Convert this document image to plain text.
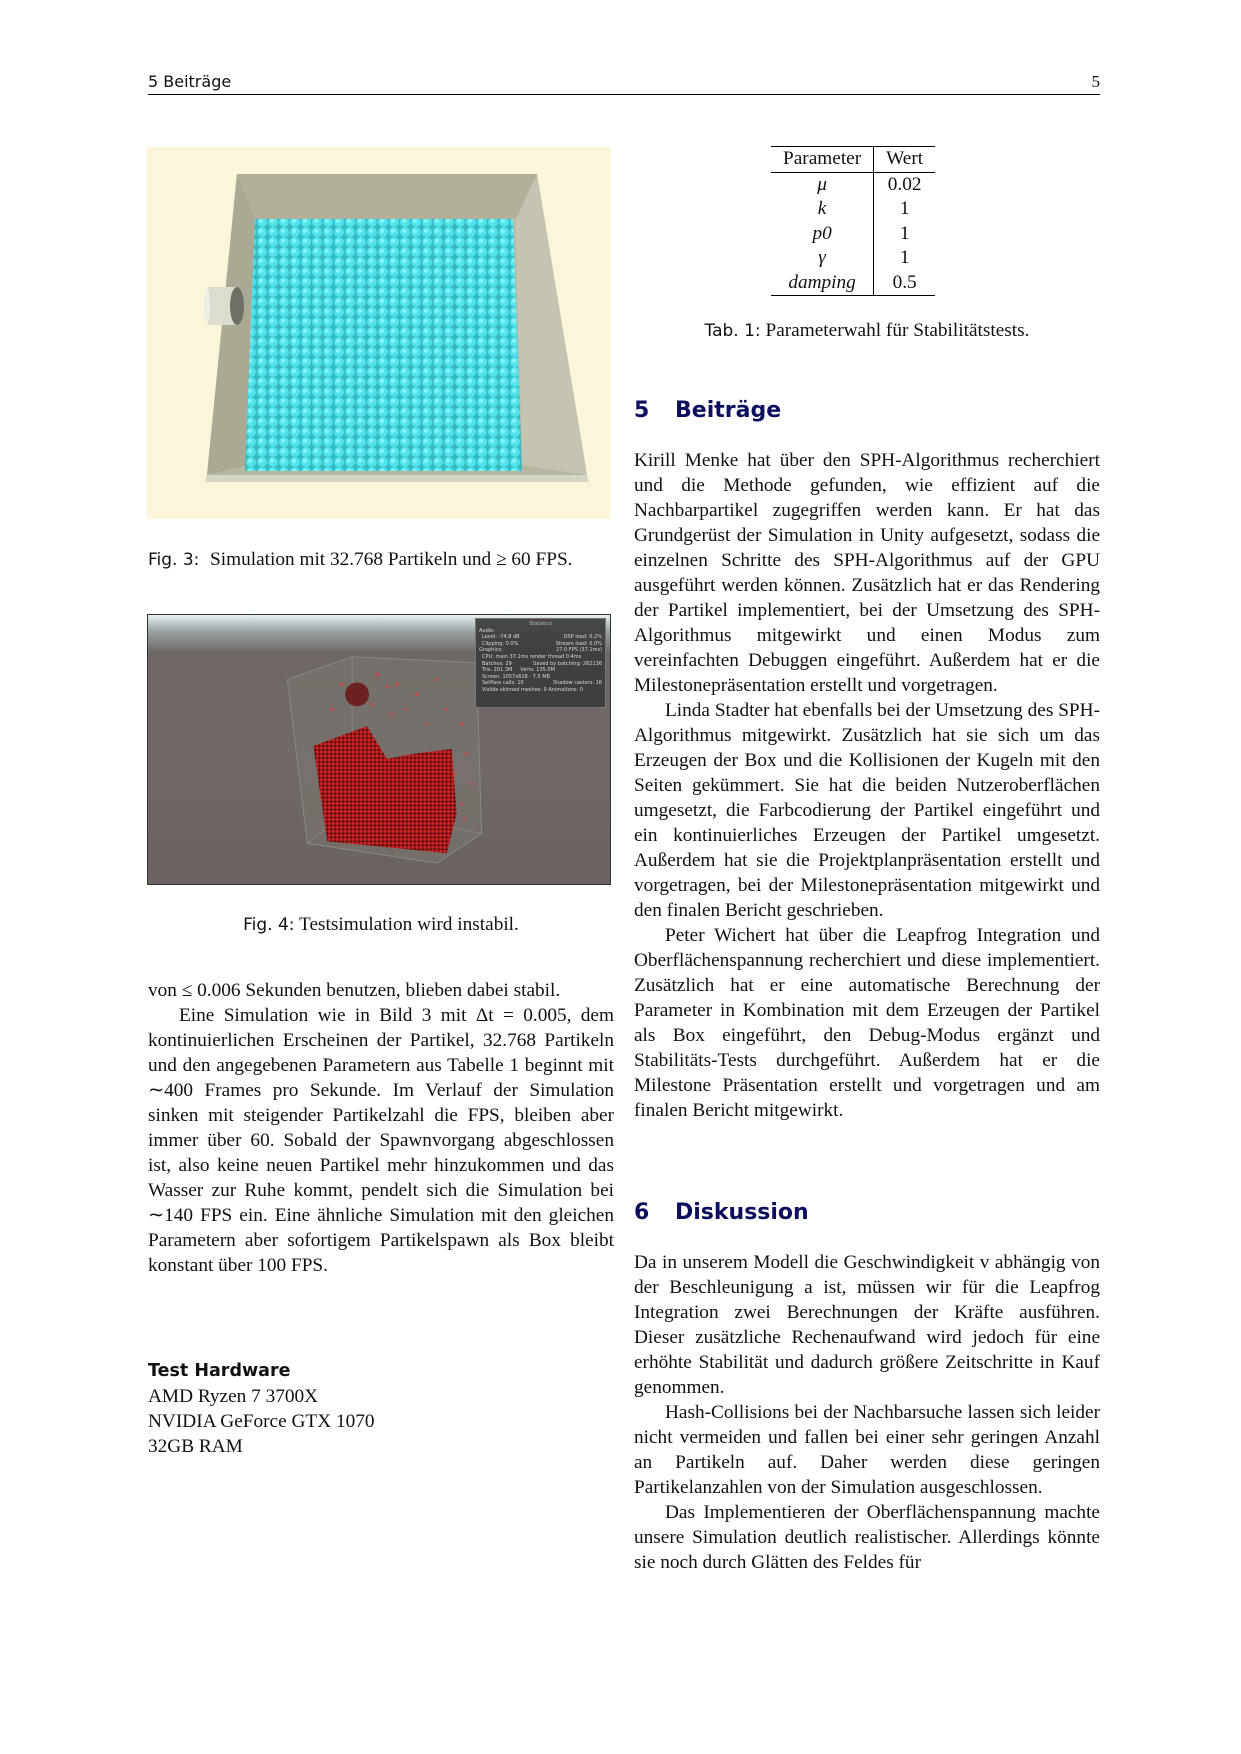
5 Beiträge	5
Fig. 3: Simulation mit 32.768 Partikeln und ≥ 60 FPS.
Statistics
Audio:
Level: -74.8 dB	DSP load: 0.2%
Clipping: 0.0%	Stream load: 0.0%
Graphics:	27.0 FPS (37.1ms)
CPU: main 37.1ms render thread 0.4ms
Batches: 29	Saved by batching: 262136
Tris: 201.3M Verts: 135.0M
Screen: 1057x618 - 7.5 MB
SetPass calls: 10	Shadow casters: 16
Visible skinned meshes: 0 Animations: 0
Fig. 4: Testsimulation wird instabil.

von ≤ 0.006 Sekunden benutzen, blieben dabei stabil.

Eine Simulation wie in Bild 3 mit Δt = 0.005, dem kontinuierlichen Erscheinen der Partikel, 32.768 Partikeln und den angegebenen Parametern aus Tabelle 1 beginnt mit ∼400 Frames pro Sekunde. Im Verlauf der Simulation sinken mit steigender Partikelzahl die FPS, bleiben aber immer über 60. Sobald der Spawnvorgang abgeschlossen ist, also keine neuen Partikel mehr hinzukommen und das Wasser zur Ruhe kommt, pendelt sich die Simulation bei ∼140 FPS ein. Eine ähnliche Simulation mit den gleichen Parametern aber sofortigem Partikelspawn als Box bleibt konstant über 100 FPS.

Test Hardware
AMD Ryzen 7 3700X
NVIDIA GeForce GTX 1070
32GB RAM
Parameter	Wert
μ	0.02
k	1
p0	1
γ	1
damping	0.5
Tab. 1: Parameterwahl für Stabilitätstests.
5 Beiträge

Kirill Menke hat über den SPH-Algorithmus recherchiert und die Methode gefunden, wie effizient auf die Nachbarpartikel zugegriffen werden kann. Er hat das Grundgerüst der Simulation in Unity aufgesetzt, sodass die einzelnen Schritte des SPH-Algorithmus auf der GPU ausgeführt werden können. Zusätzlich hat er das Rendering der Partikel implementiert, bei der Umsetzung des SPH-Algorithmus mitgewirkt und einen Modus zum vereinfachten Debuggen eingeführt. Außerdem hat er die Milestonepräsentation erstellt und vorgetragen.

Linda Stadter hat ebenfalls bei der Umsetzung des SPH-Algorithmus mitgewirkt. Zusätzlich hat sie sich um das Erzeugen der Box und die Kollisionen der Kugeln mit den Seiten gekümmert. Sie hat die beiden Nutzeroberflächen umgesetzt, die Farbcodierung der Partikel eingeführt und ein kontinuierliches Erzeugen der Partikel umgesetzt. Außerdem hat sie die Projektplanpräsentation erstellt und vorgetragen, bei der Milestonepräsentation mitgewirkt und den finalen Bericht geschrieben.

Peter Wichert hat über die Leapfrog Integration und Oberflächenspannung recherchiert und diese implementiert. Zusätzlich hat er eine automatische Berechnung der Parameter in Kombination mit dem Erzeugen der Partikel als Box eingeführt, den Debug-Modus ergänzt und Stabilitäts-Tests durchgeführt. Außerdem hat er die Milestone Präsentation erstellt und vorgetragen und am finalen Bericht mitgewirkt.

6 Diskussion

Da in unserem Modell die Geschwindigkeit v abhängig von der Beschleunigung a ist, müssen wir für die Leapfrog Integration zwei Berechnungen der Kräfte ausführen. Dieser zusätzliche Rechenaufwand wird jedoch für eine erhöhte Stabilität und dadurch größere Zeitschritte in Kauf genommen.

Hash-Collisions bei der Nachbarsuche lassen sich leider nicht vermeiden und fallen bei einer sehr geringen Anzahl an Partikeln auf. Daher werden diese geringen Partikelanzahlen von der Simulation ausgeschlossen.

Das Implementieren der Oberflächenspannung machte unsere Simulation deutlich realistischer. Allerdings könnte sie noch durch Glätten des Feldes für
